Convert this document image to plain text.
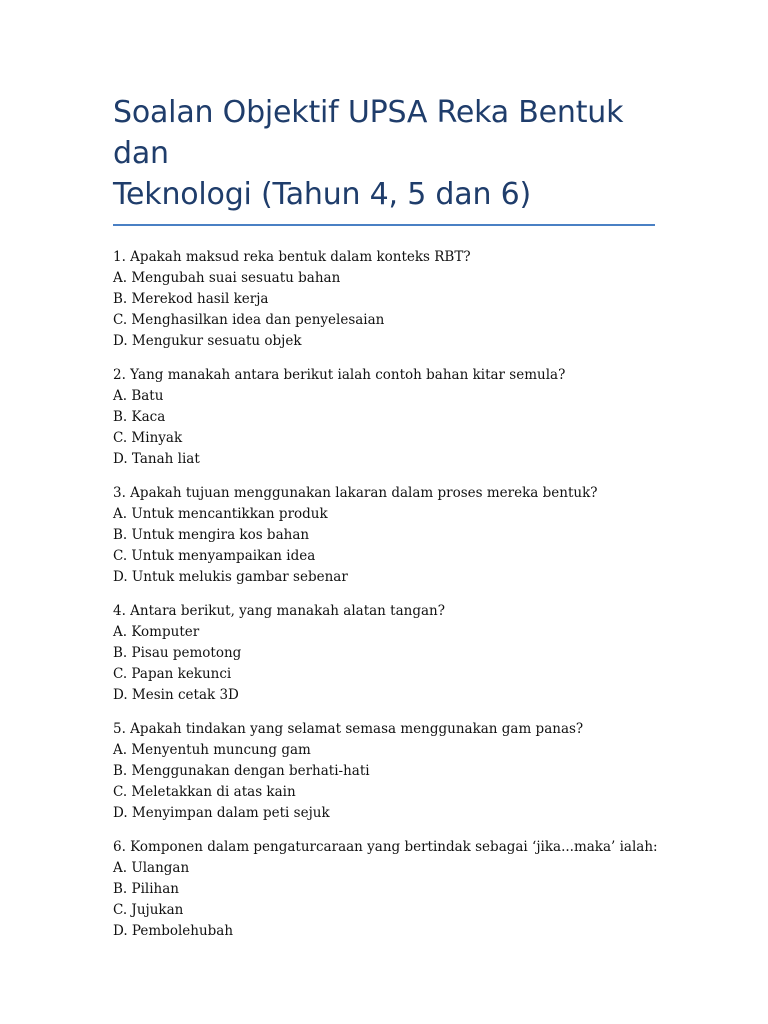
Soalan Objektif UPSA Reka Bentuk dan
Teknologi (Tahun 4, 5 dan 6)
1. Apakah maksud reka bentuk dalam konteks RBT?
A. Mengubah suai sesuatu bahan
B. Merekod hasil kerja
C. Menghasilkan idea dan penyelesaian
D. Mengukur sesuatu objek
2. Yang manakah antara berikut ialah contoh bahan kitar semula?
A. Batu
B. Kaca
C. Minyak
D. Tanah liat
3. Apakah tujuan menggunakan lakaran dalam proses mereka bentuk?
A. Untuk mencantikkan produk
B. Untuk mengira kos bahan
C. Untuk menyampaikan idea
D. Untuk melukis gambar sebenar
4. Antara berikut, yang manakah alatan tangan?
A. Komputer
B. Pisau pemotong
C. Papan kekunci
D. Mesin cetak 3D
5. Apakah tindakan yang selamat semasa menggunakan gam panas?
A. Menyentuh muncung gam
B. Menggunakan dengan berhati-hati
C. Meletakkan di atas kain
D. Menyimpan dalam peti sejuk
6. Komponen dalam pengaturcaraan yang bertindak sebagai ‘jika...maka’ ialah:
A. Ulangan
B. Pilihan
C. Jujukan
D. Pembolehubah
